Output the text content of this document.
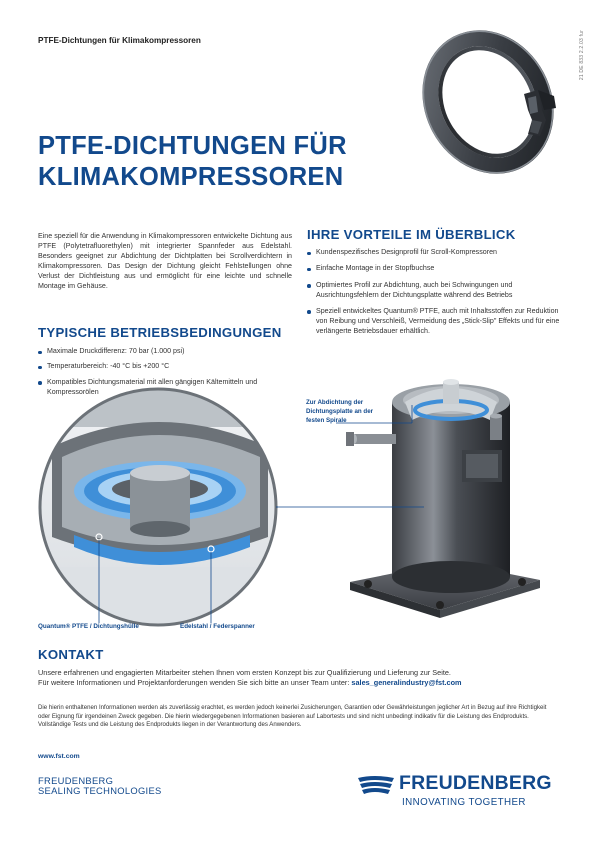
PTFE-Dichtungen für Klimakompressoren	21 DE 833 2.2.03 fur
PTFE-DICHTUNGEN FÜR
KLIMAKOMPRESSOREN
Eine speziell für die Anwendung in Klimakompressoren entwickelte Dichtung aus PTFE (Polytetrafluorethylen) mit integrierter Spannfeder aus Edelstahl. Besonders geeignet zur Abdichtung der Dichtplatten bei Scrollverdichtern in Klimakompressoren. Das Design der Dichtung gleicht Fehlstellungen ohne Verlust der Dichtleistung aus und ermöglicht für eine leichte und schnelle Montage im Gehäuse.
IHRE VORTEILE IM ÜBERBLICK
Kundenspezifisches Designprofil für Scroll-Kompressoren
Einfache Montage in der Stopfbuchse
Optimiertes Profil zur Abdichtung, auch bei Schwingungen und Ausrichtungsfehlern der Dichtungsplatte während des Betriebs
Speziell entwickeltes Quantum® PTFE, auch mit Inhaltsstoffen zur Reduktion von Reibung und Verschleiß, Vermeidung des „Stick-Slip" Effekts und für eine verlängerte Betriebsdauer erhältlich.
TYPISCHE BETRIEBSBEDINGUNGEN
Maximale Druckdifferenz: 70 bar (1.000 psi)
Temperaturbereich: -40 °C bis +200 °C
Kompatibles Dichtungsmaterial mit allen gängigen Kältemitteln und Kompressorölen
Zur Abdichtung der Dichtungsplatte an der festen Spirale
Quantum® PTFE / Dichtungshülle	Edelstahl / Federspanner
KONTAKT
Unsere erfahrenen und engagierten Mitarbeiter stehen Ihnen vom ersten Konzept bis zur Qualifizierung und Lieferung zur Seite.
Für weitere Informationen und Projektanforderungen wenden Sie sich bitte an unser Team unter: sales_generalindustry@fst.com
Die hierin enthaltenen Informationen werden als zuverlässig erachtet, es werden jedoch keinerlei Zusicherungen, Garantien oder Gewährleistungen jeglicher Art in Bezug auf ihre Richtigkeit oder Eignung für irgendeinen Zweck gegeben. Die hierin wiedergegebenen Informationen basieren auf Labortests und sind nicht unbedingt indikativ für die Leistung des Endprodukts. Vollständige Tests und die Leistung des Endprodukts liegen in der Verantwortung des Anwenders.
www.fst.com
FREUDENBERG
SEALING TECHNOLOGIES	FREUDENBERG
INNOVATING TOGETHER
